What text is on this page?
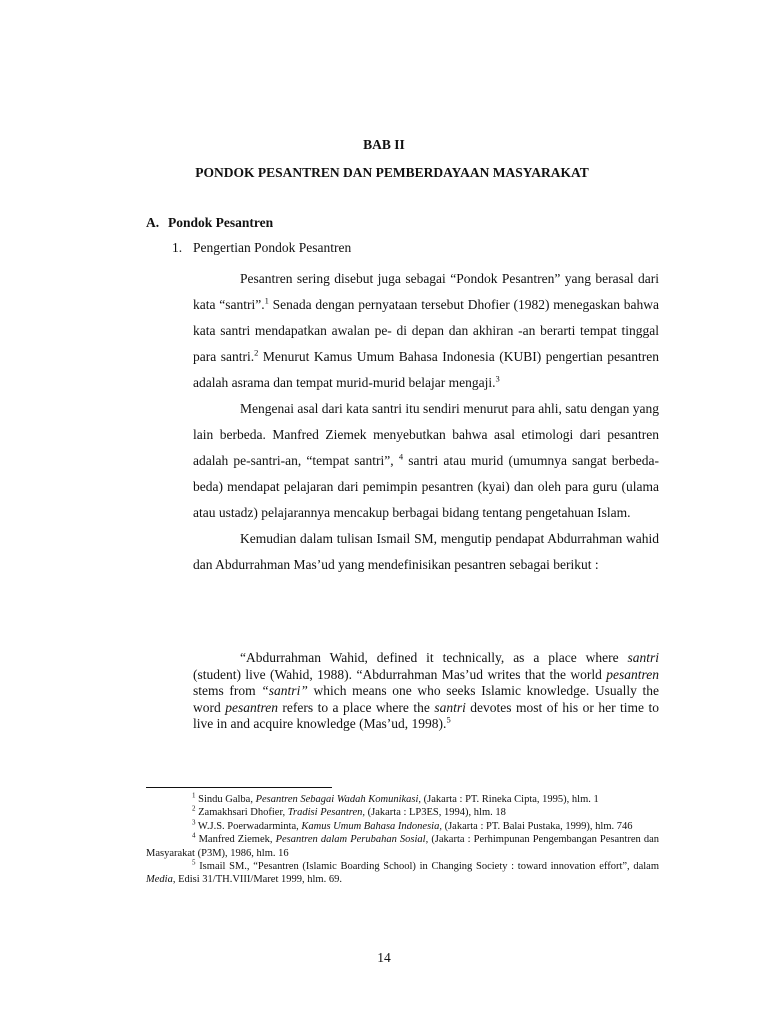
BAB II
PONDOK PESANTREN DAN PEMBERDAYAAN MASYARAKAT
A. Pondok Pesantren
1. Pengertian Pondok Pesantren

Pesantren sering disebut juga sebagai “Pondok Pesantren” yang berasal dari kata “santri”.$^1$ Senada dengan pernyataan tersebut Dhofier (1982) menegaskan bahwa kata santri mendapatkan awalan pe- di depan dan akhiran -an berarti tempat tinggal para santri.$^2$ Menurut Kamus Umum Bahasa Indonesia (KUBI) pengertian pesantren adalah asrama dan tempat murid-murid belajar mengaji.$^3$

Mengenai asal dari kata santri itu sendiri menurut para ahli, satu dengan yang lain berbeda. Manfred Ziemek menyebutkan bahwa asal etimologi dari pesantren adalah pe-santri-an, “tempat santri”, $^4$ santri atau murid (umumnya sangat berbeda-beda) mendapat pelajaran dari pemimpin pesantren (kyai) dan oleh para guru (ulama atau ustadz) pelajarannya mencakup berbagai bidang tentang pengetahuan Islam.

Kemudian dalam tulisan Ismail SM, mengutip pendapat Abdurrahman wahid dan Abdurrahman Mas’ud yang mendefinisikan pesantren sebagai berikut :

“Abdurrahman Wahid, defined it technically, as a place where santri (student) live (Wahid, 1988). “Abdurrahman Mas’ud writes that the world pesantren stems from “santri” which means one who seeks Islamic knowledge. Usually the word pesantren refers to a place where the santri devotes most of his or her time to live in and acquire knowledge (Mas’ud, 1998).$^5$

$^1$ Sindu Galba, Pesantren Sebagai Wadah Komunikasi, (Jakarta : PT. Rineka Cipta, 1995), hlm. 1

$^2$ Zamakhsari Dhofier, Tradisi Pesantren, (Jakarta : LP3ES, 1994), hlm. 18

$^3$ W.J.S. Poerwadarminta, Kamus Umum Bahasa Indonesia, (Jakarta : PT. Balai Pustaka, 1999), hlm. 746

$^4$ Manfred Ziemek, Pesantren dalam Perubahan Sosial, (Jakarta : Perhimpunan Pengembangan Pesantren dan Masyarakat (P3M), 1986, hlm. 16

$^5$ Ismail SM., “Pesantren (Islamic Boarding School) in Changing Society : toward innovation effort”, dalam Media, Edisi 31/TH.VIII/Maret 1999, hlm. 69.

14
